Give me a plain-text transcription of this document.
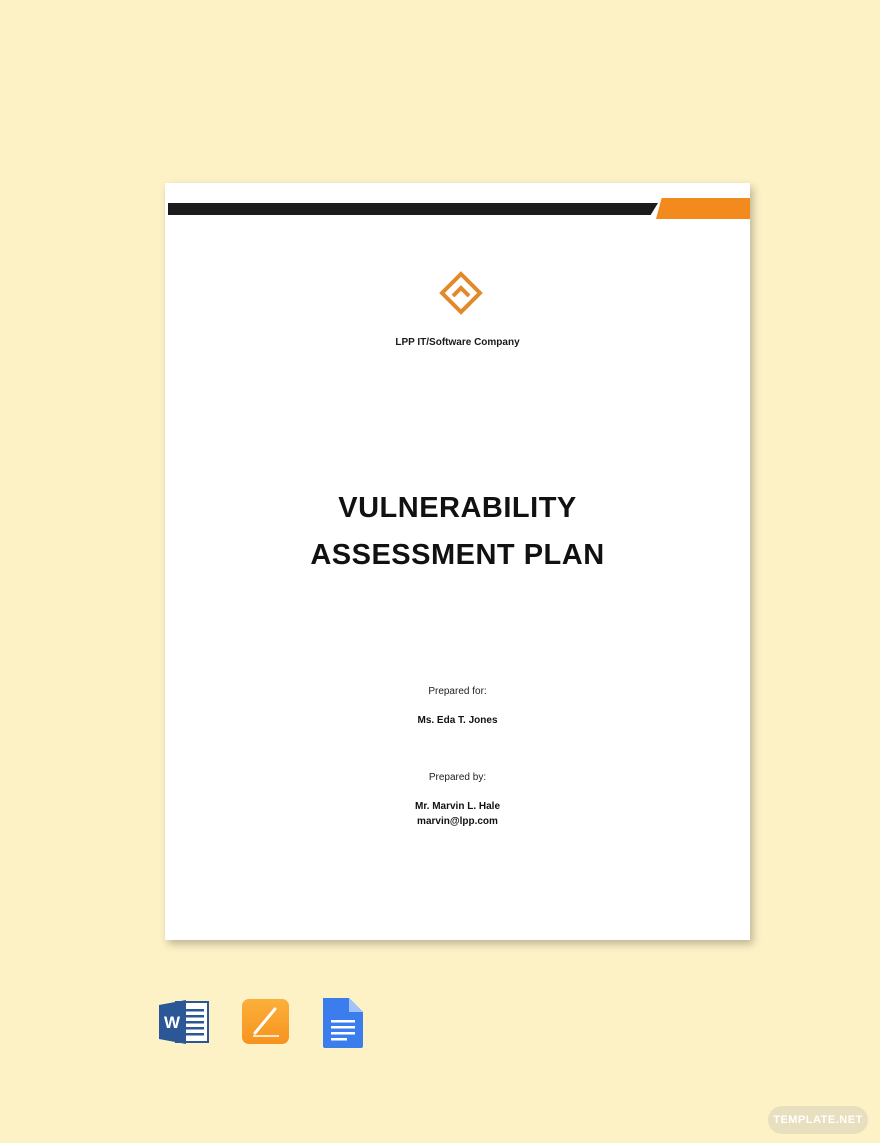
LPP IT/Software Company
VULNERABILITY
ASSESSMENT PLAN
Prepared for:
Ms. Eda T. Jones
Prepared by:
Mr. Marvin L. Hale
marvin@lpp.com
W
TEMPLATE.NET
